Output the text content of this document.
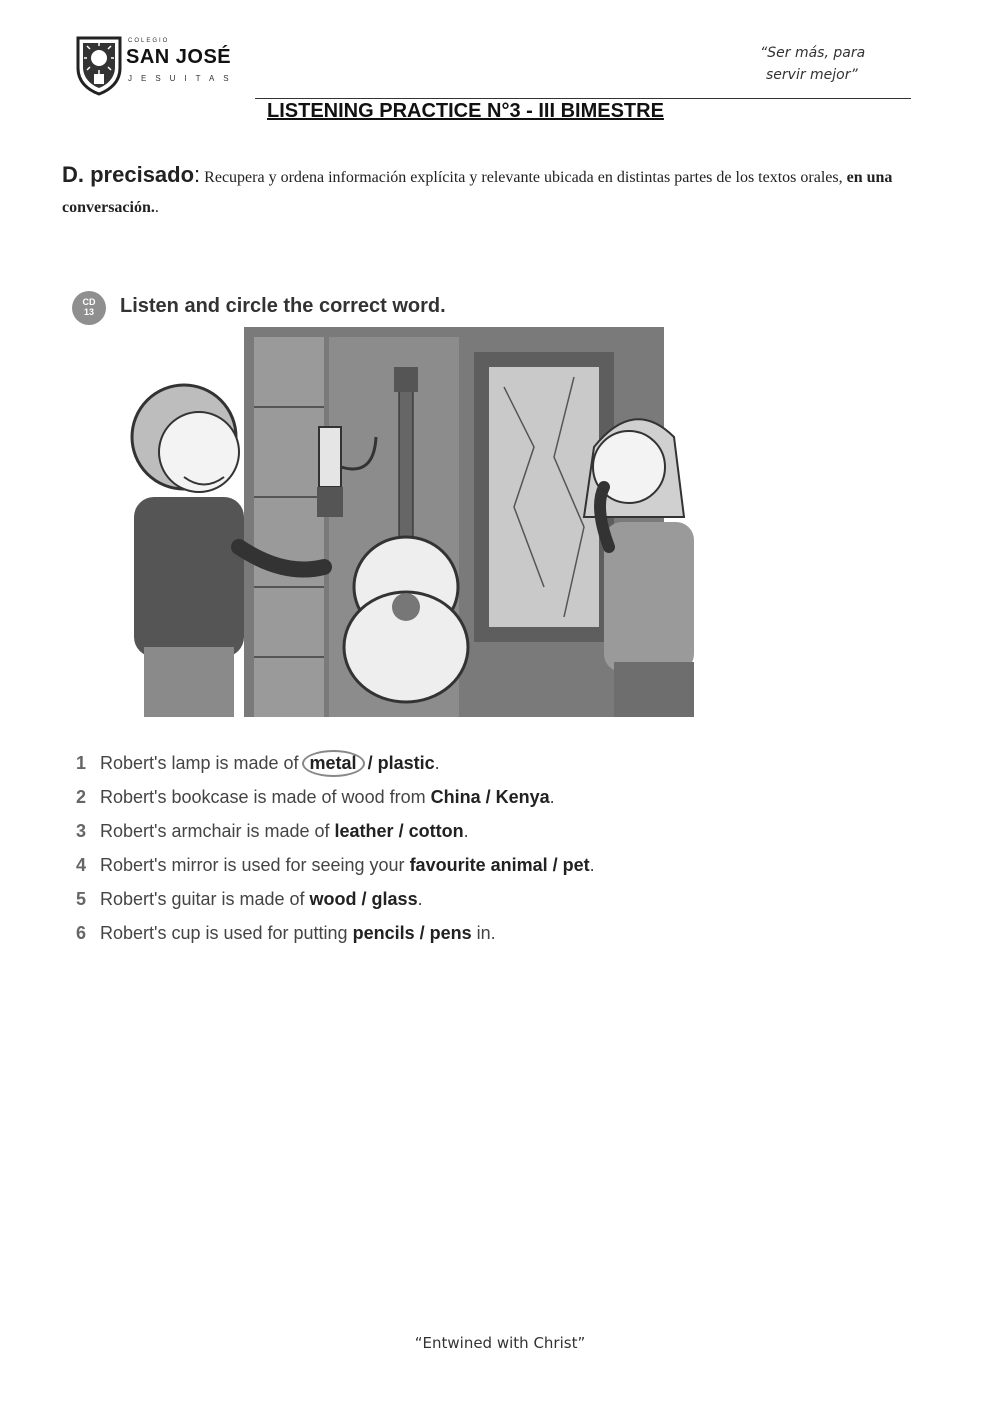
COLEGIO
SAN JOSÉ
JESUITAS
“Ser más, para
servir mejor”
LISTENING PRACTICE N°3 - III BIMESTRE
D. precisado: Recupera y ordena información explícita y relevante ubicada en distintas partes de los textos orales, en una conversación..
CD
13	Listen and circle the correct word.
1 Robert's lamp is made of metal / plastic .
2 Robert's bookcase is made of wood from China / Kenya .
3 Robert's armchair is made of leather / cotton .
4 Robert's mirror is used for seeing your favourite animal / pet .
5 Robert's guitar is made of wood / glass .
6 Robert's cup is used for putting pencils / pens in.
“Entwined with Christ”
